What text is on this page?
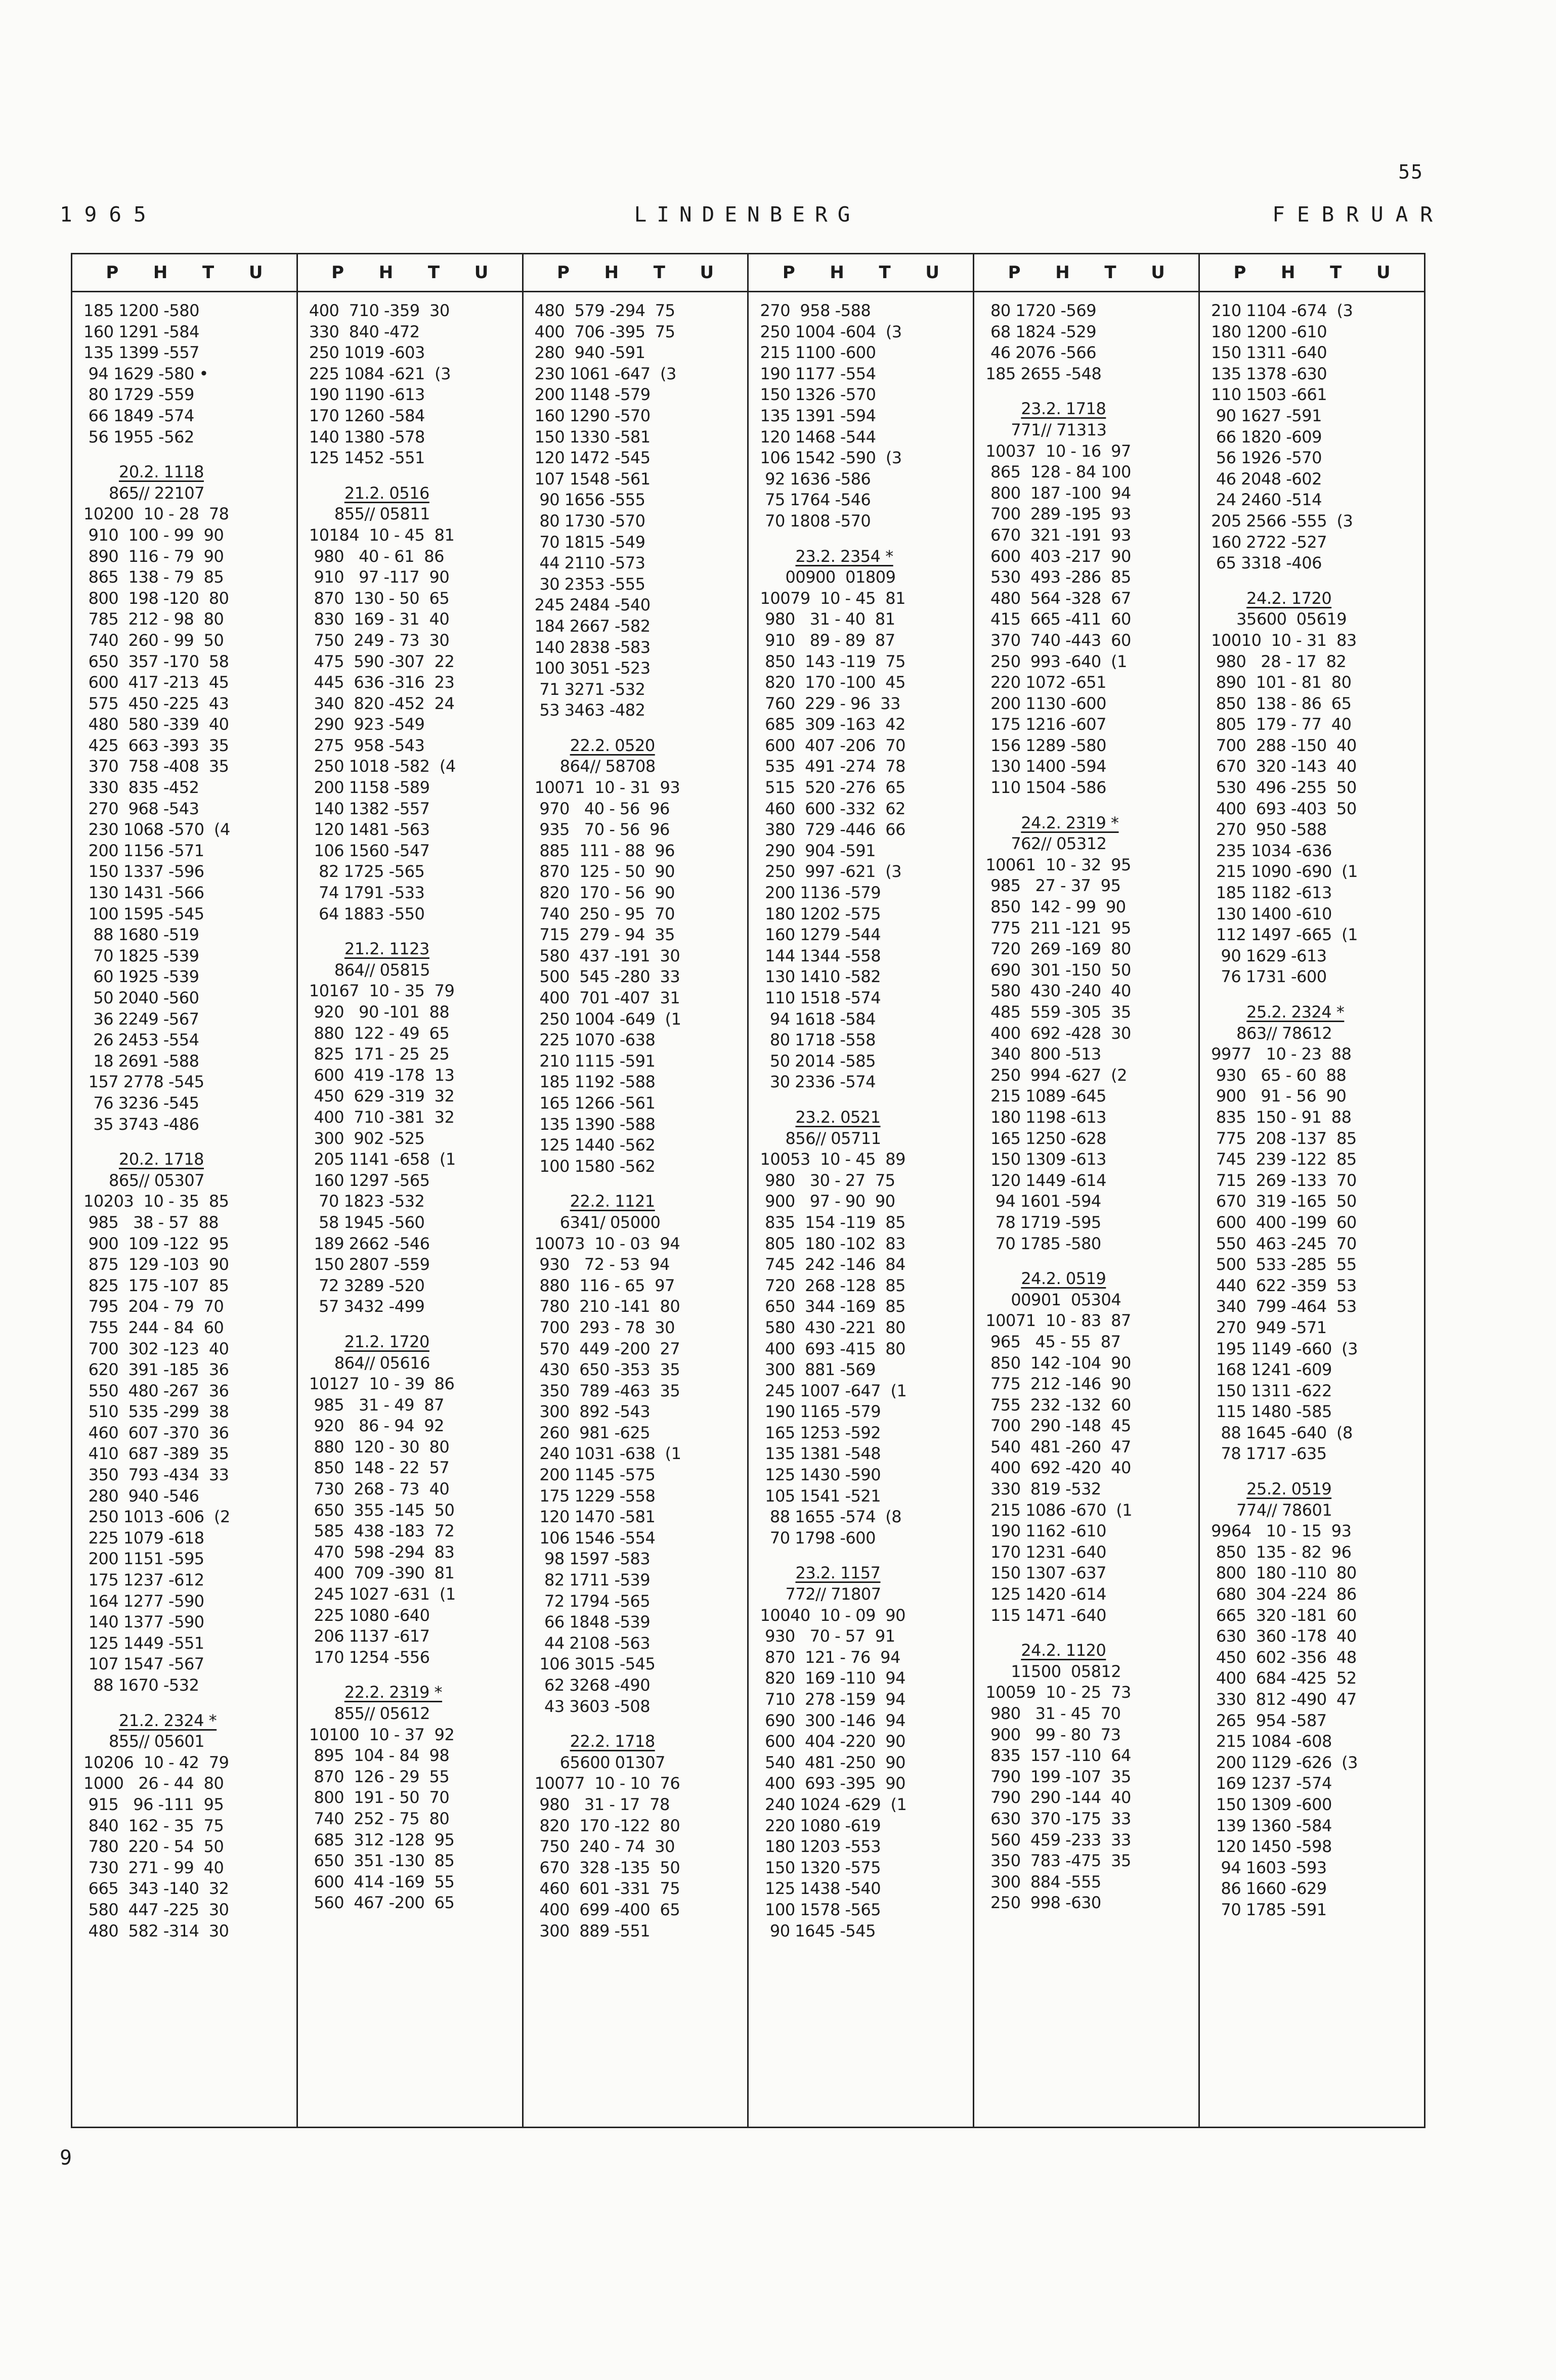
55
1965	LINDENBERG	FEBRUAR
P H T U
185 1200 -580
160 1291 -584
135 1399 -557
94 1629 -580 •
80 1729 -559
66 1849 -574
56 1955 -562
20.2. 1118
865// 22107
10200  10 - 28  78
910  100 - 99  90
890  116 - 79  90
865  138 - 79  85
800  198 -120  80
785  212 - 98  80
740  260 - 99  50
650  357 -170  58
600  417 -213  45
575  450 -225  43
480  580 -339  40
425  663 -393  35
370  758 -408  35
330  835 -452
270  968 -543
230 1068 -570  (4
200 1156 -571
150 1337 -596
130 1431 -566
100 1595 -545
88 1680 -519
70 1825 -539
60 1925 -539
50 2040 -560
36 2249 -567
26 2453 -554
18 2691 -588
157 2778 -545
76 3236 -545
35 3743 -486
20.2. 1718
865// 05307
10203  10 - 35  85
985   38 - 57  88
900  109 -122  95
875  129 -103  90
825  175 -107  85
795  204 - 79  70
755  244 - 84  60
700  302 -123  40
620  391 -185  36
550  480 -267  36
510  535 -299  38
460  607 -370  36
410  687 -389  35
350  793 -434  33
280  940 -546
250 1013 -606  (2
225 1079 -618
200 1151 -595
175 1237 -612
164 1277 -590
140 1377 -590
125 1449 -551
107 1547 -567
88 1670 -532
21.2. 2324 *
855// 05601
10206  10 - 42  79
1000   26 - 44  80
915   96 -111  95
840  162 - 35  75
780  220 - 54  50
730  271 - 99  40
665  343 -140  32
580  447 -225  30
480  582 -314  30
P H T U
400  710 -359  30
330  840 -472
250 1019 -603
225 1084 -621  (3
190 1190 -613
170 1260 -584
140 1380 -578
125 1452 -551
21.2. 0516
855// 05811
10184  10 - 45  81
980   40 - 61  86
910   97 -117  90
870  130 - 50  65
830  169 - 31  40
750  249 - 73  30
475  590 -307  22
445  636 -316  23
340  820 -452  24
290  923 -549
275  958 -543
250 1018 -582  (4
200 1158 -589
140 1382 -557
120 1481 -563
106 1560 -547
82 1725 -565
74 1791 -533
64 1883 -550
21.2. 1123
864// 05815
10167  10 - 35  79
920   90 -101  88
880  122 - 49  65
825  171 - 25  25
600  419 -178  13
450  629 -319  32
400  710 -381  32
300  902 -525
205 1141 -658  (1
160 1297 -565
70 1823 -532
58 1945 -560
189 2662 -546
150 2807 -559
72 3289 -520
57 3432 -499
21.2. 1720
864// 05616
10127  10 - 39  86
985   31 - 49  87
920   86 - 94  92
880  120 - 30  80
850  148 - 22  57
730  268 - 73  40
650  355 -145  50
585  438 -183  72
470  598 -294  83
400  709 -390  81
245 1027 -631  (1
225 1080 -640
206 1137 -617
170 1254 -556
22.2. 2319 *
855// 05612
10100  10 - 37  92
895  104 - 84  98
870  126 - 29  55
800  191 - 50  70
740  252 - 75  80
685  312 -128  95
650  351 -130  85
600  414 -169  55
560  467 -200  65
P H T U
480  579 -294  75
400  706 -395  75
280  940 -591
230 1061 -647  (3
200 1148 -579
160 1290 -570
150 1330 -581
120 1472 -545
107 1548 -561
90 1656 -555
80 1730 -570
70 1815 -549
44 2110 -573
30 2353 -555
245 2484 -540
184 2667 -582
140 2838 -583
100 3051 -523
71 3271 -532
53 3463 -482
22.2. 0520
864// 58708
10071  10 - 31  93
970   40 - 56  96
935   70 - 56  96
885  111 - 88  96
870  125 - 50  90
820  170 - 56  90
740  250 - 95  70
715  279 - 94  35
580  437 -191  30
500  545 -280  33
400  701 -407  31
250 1004 -649  (1
225 1070 -638
210 1115 -591
185 1192 -588
165 1266 -561
135 1390 -588
125 1440 -562
100 1580 -562
22.2. 1121
6341/ 05000
10073  10 - 03  94
930   72 - 53  94
880  116 - 65  97
780  210 -141  80
700  293 - 78  30
570  449 -200  27
430  650 -353  35
350  789 -463  35
300  892 -543
260  981 -625
240 1031 -638  (1
200 1145 -575
175 1229 -558
120 1470 -581
106 1546 -554
98 1597 -583
82 1711 -539
72 1794 -565
66 1848 -539
44 2108 -563
106 3015 -545
62 3268 -490
43 3603 -508
22.2. 1718
65600 01307
10077  10 - 10  76
980   31 - 17  78
820  170 -122  80
750  240 - 74  30
670  328 -135  50
460  601 -331  75
400  699 -400  65
300  889 -551
P H T U
270  958 -588
250 1004 -604  (3
215 1100 -600
190 1177 -554
150 1326 -570
135 1391 -594
120 1468 -544
106 1542 -590  (3
92 1636 -586
75 1764 -546
70 1808 -570
23.2. 2354 *
00900  01809
10079  10 - 45  81
980   31 - 40  81
910   89 - 89  87
850  143 -119  75
820  170 -100  45
760  229 - 96  33
685  309 -163  42
600  407 -206  70
535  491 -274  78
515  520 -276  65
460  600 -332  62
380  729 -446  66
290  904 -591
250  997 -621  (3
200 1136 -579
180 1202 -575
160 1279 -544
144 1344 -558
130 1410 -582
110 1518 -574
94 1618 -584
80 1718 -558
50 2014 -585
30 2336 -574
23.2. 0521
856// 05711
10053  10 - 45  89
980   30 - 27  75
900   97 - 90  90
835  154 -119  85
805  180 -102  83
745  242 -146  84
720  268 -128  85
650  344 -169  85
580  430 -221  80
400  693 -415  80
300  881 -569
245 1007 -647  (1
190 1165 -579
165 1253 -592
135 1381 -548
125 1430 -590
105 1541 -521
88 1655 -574  (8
70 1798 -600
23.2. 1157
772// 71807
10040  10 - 09  90
930   70 - 57  91
870  121 - 76  94
820  169 -110  94
710  278 -159  94
690  300 -146  94
600  404 -220  90
540  481 -250  90
400  693 -395  90
240 1024 -629  (1
220 1080 -619
180 1203 -553
150 1320 -575
125 1438 -540
100 1578 -565
90 1645 -545
P H T U
80 1720 -569
68 1824 -529
46 2076 -566
185 2655 -548
23.2. 1718
771// 71313
10037  10 - 16  97
865  128 - 84 100
800  187 -100  94
700  289 -195  93
670  321 -191  93
600  403 -217  90
530  493 -286  85
480  564 -328  67
415  665 -411  60
370  740 -443  60
250  993 -640  (1
220 1072 -651
200 1130 -600
175 1216 -607
156 1289 -580
130 1400 -594
110 1504 -586
24.2. 2319 *
762// 05312
10061  10 - 32  95
985   27 - 37  95
850  142 - 99  90
775  211 -121  95
720  269 -169  80
690  301 -150  50
580  430 -240  40
485  559 -305  35
400  692 -428  30
340  800 -513
250  994 -627  (2
215 1089 -645
180 1198 -613
165 1250 -628
150 1309 -613
120 1449 -614
94 1601 -594
78 1719 -595
70 1785 -580
24.2. 0519
00901  05304
10071  10 - 83  87
965   45 - 55  87
850  142 -104  90
775  212 -146  90
755  232 -132  60
700  290 -148  45
540  481 -260  47
400  692 -420  40
330  819 -532
215 1086 -670  (1
190 1162 -610
170 1231 -640
150 1307 -637
125 1420 -614
115 1471 -640
24.2. 1120
11500  05812
10059  10 - 25  73
980   31 - 45  70
900   99 - 80  73
835  157 -110  64
790  199 -107  35
790  290 -144  40
630  370 -175  33
560  459 -233  33
350  783 -475  35
300  884 -555
250  998 -630
P H T U
210 1104 -674  (3
180 1200 -610
150 1311 -640
135 1378 -630
110 1503 -661
90 1627 -591
66 1820 -609
56 1926 -570
46 2048 -602
24 2460 -514
205 2566 -555  (3
160 2722 -527
65 3318 -406
24.2. 1720
35600  05619
10010  10 - 31  83
980   28 - 17  82
890  101 - 81  80
850  138 - 86  65
805  179 - 77  40
700  288 -150  40
670  320 -143  40
530  496 -255  50
400  693 -403  50
270  950 -588
235 1034 -636
215 1090 -690  (1
185 1182 -613
130 1400 -610
112 1497 -665  (1
90 1629 -613
76 1731 -600
25.2. 2324 *
863// 78612
9977   10 - 23  88
930   65 - 60  88
900   91 - 56  90
835  150 - 91  88
775  208 -137  85
745  239 -122  85
715  269 -133  70
670  319 -165  50
600  400 -199  60
550  463 -245  70
500  533 -285  55
440  622 -359  53
340  799 -464  53
270  949 -571
195 1149 -660  (3
168 1241 -609
150 1311 -622
115 1480 -585
88 1645 -640  (8
78 1717 -635
25.2. 0519
774// 78601
9964   10 - 15  93
850  135 - 82  96
800  180 -110  80
680  304 -224  86
665  320 -181  60
630  360 -178  40
450  602 -356  48
400  684 -425  52
330  812 -490  47
265  954 -587
215 1084 -608
200 1129 -626  (3
169 1237 -574
150 1309 -600
139 1360 -584
120 1450 -598
94 1603 -593
86 1660 -629
70 1785 -591
9
